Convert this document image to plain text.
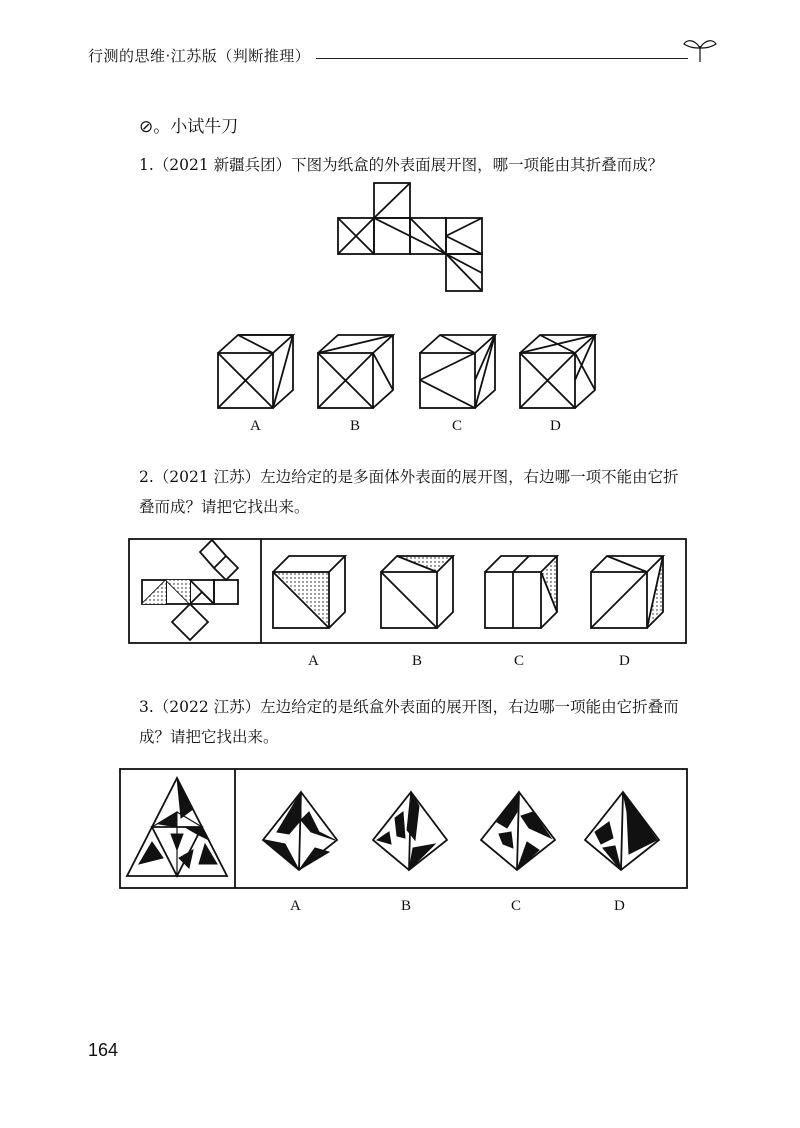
行测的思维·江苏版（判断推理）
⊘。小试牛刀
1.（2021 新疆兵团）下图为纸盒的外表面展开图，哪一项能由其折叠而成？
A	B	C	D
2.（2021 江苏）左边给定的是多面体外表面的展开图，右边哪一项不能由它折叠而成？请把它找出来。
A	B	C	D
3.（2022 江苏）左边给定的是纸盒外表面的展开图，右边哪一项能由它折叠而成？请把它找出来。
A	B	C	D
164
